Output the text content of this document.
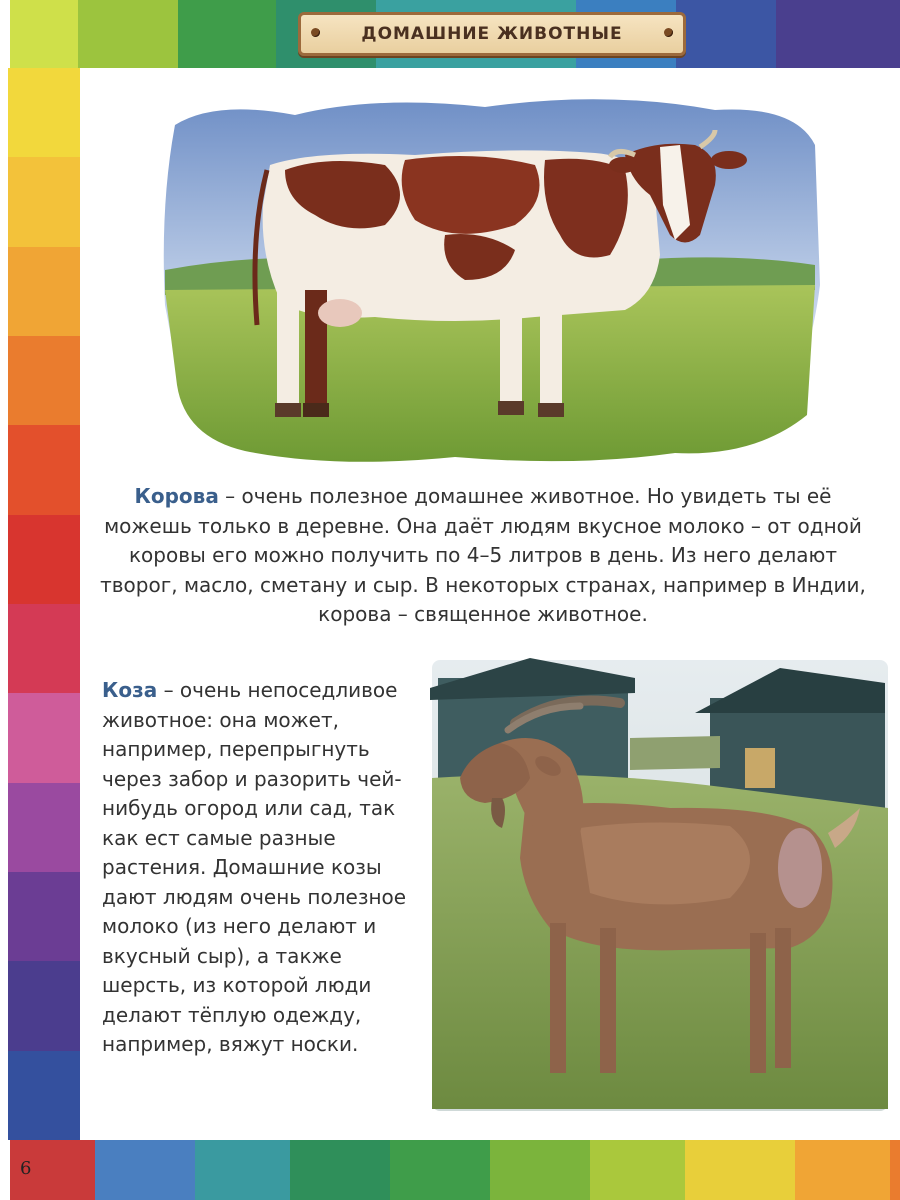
ДОМАШНИЕ ЖИВОТНЫЕ
Корова – очень полезное домашнее животное. Но увидеть ты её можешь только в деревне. Она даёт людям вкусное молоко – от одной коровы его можно получить по 4–5 литров в день. Из него делают творог, масло, сметану и сыр. В некоторых странах, например в Индии, корова – священное животное.
Коза – очень непоседливое животное: она может, например, перепрыгнуть через забор и разорить чей-нибудь огород или сад, так как ест самые разные растения. Домашние козы дают людям очень полезное молоко (из него делают и вкусный сыр), а также шерсть, из которой люди делают тёплую одежду, например, вяжут носки.
6
